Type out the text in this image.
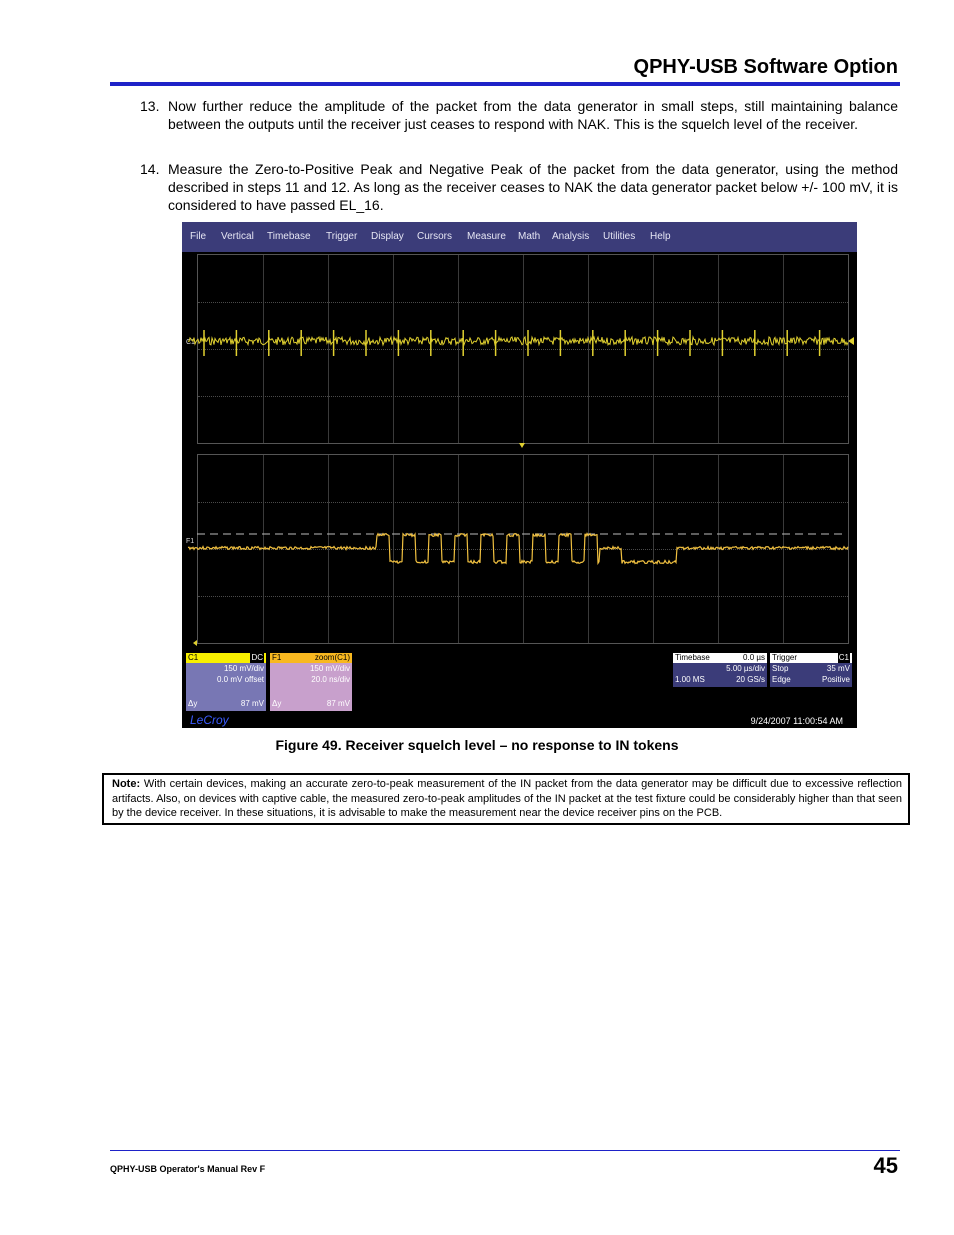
QPHY-USB Software Option
13. Now further reduce the amplitude of the packet from the data generator in small steps, still maintaining balance between the outputs until the receiver just ceases to respond with NAK. This is the squelch level of the receiver.
14. Measure the Zero-to-Positive Peak and Negative Peak of the packet from the data generator, using the method described in steps 11 and 12. As long as the receiver ceases to NAK the data generator packet below +/- 100 mV, it is considered to have passed EL_16.
File Vertical Timebase Trigger Display Cursors Measure Math Analysis Utilities Help
C1
F1
C1	DC
150 mV/div
0.0 mV offset
Δy	87 mV
F1	zoom(C1)
150 mV/div
20.0 ns/div
Δy	87 mV
Timebase	0.0 µs
5.00 µs/div
1.00 MS	20 GS/s
Trigger	C1
Stop	35 mV
Edge	Positive
LeCroy	9/24/2007 11:00:54 AM
Figure 49. Receiver squelch level – no response to IN tokens
Note: With certain devices, making an accurate zero-to-peak measurement of the IN packet from the data generator may be difficult due to excessive reflection artifacts. Also, on devices with captive cable, the measured zero-to-peak amplitudes of the IN packet at the test fixture could be considerably higher than that seen by the device receiver. In these situations, it is advisable to make the measurement near the device receiver pins on the PCB.
QPHY-USB Operator's Manual Rev F	45
